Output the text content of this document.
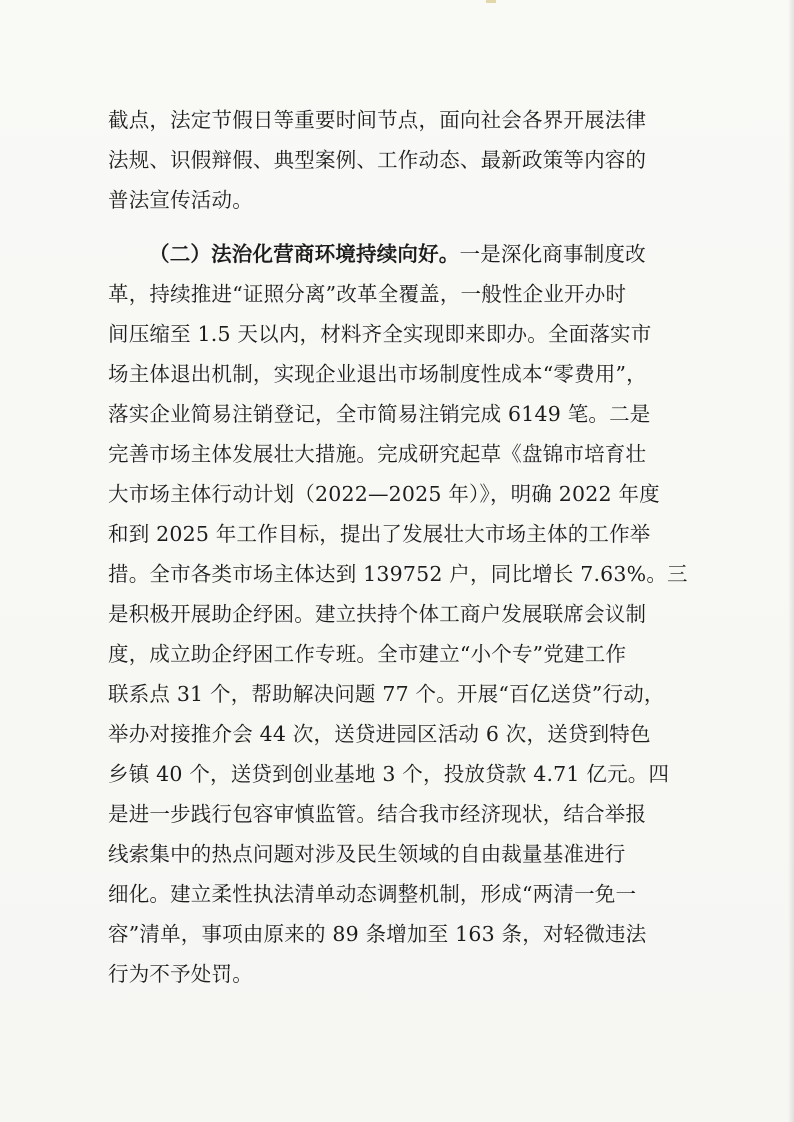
截点，法定节假日等重要时间节点，面向社会各界开展法律
法规、识假辩假、典型案例、工作动态、最新政策等内容的
普法宣传活动。
（二）法治化营商环境持续向好。一是深化商事制度改
革，持续推进“证照分离”改革全覆盖，一般性企业开办时
间压缩至 1.5 天以内，材料齐全实现即来即办。全面落实市
场主体退出机制，实现企业退出市场制度性成本“零费用”，
落实企业简易注销登记，全市简易注销完成 6149 笔。二是
完善市场主体发展壮大措施。完成研究起草《盘锦市培育壮
大市场主体行动计划（2022—2025 年）》，明确 2022 年度
和到 2025 年工作目标，提出了发展壮大市场主体的工作举
措。全市各类市场主体达到 139752 户，同比增长 7.63%。三
是积极开展助企纾困。建立扶持个体工商户发展联席会议制
度，成立助企纾困工作专班。全市建立“小个专”党建工作
联系点 31 个，帮助解决问题 77 个。开展“百亿送贷”行动，
举办对接推介会 44 次，送贷进园区活动 6 次，送贷到特色
乡镇 40 个，送贷到创业基地 3 个，投放贷款 4.71 亿元。四
是进一步践行包容审慎监管。结合我市经济现状，结合举报
线索集中的热点问题对涉及民生领域的自由裁量基准进行
细化。建立柔性执法清单动态调整机制，形成“两清一免一
容”清单，事项由原来的 89 条增加至 163 条，对轻微违法
行为不予处罚。
